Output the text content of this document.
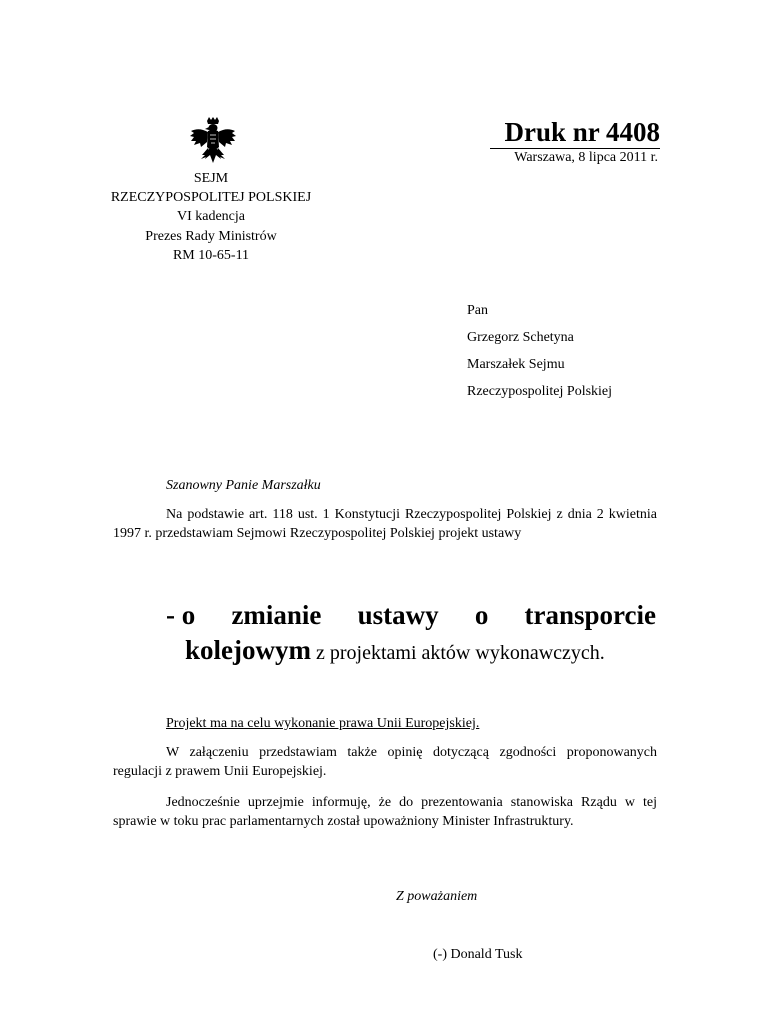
SEJM
RZECZYPOSPOLITEJ POLSKIEJ
VI kadencja
Prezes Rady Ministrów
RM 10-65-11
Druk nr 4408
Warszawa, 8 lipca 2011 r.
Pan
Grzegorz Schetyna
Marszałek Sejmu
Rzeczypospolitej Polskiej
Szanowny Panie Marszałku
Na podstawie art. 118 ust. 1 Konstytucji Rzeczypospolitej Polskiej z dnia 2 kwietnia 1997 r. przedstawiam Sejmowi Rzeczypospolitej Polskiej projekt ustawy
- o zmianie ustawy o transporcie
kolejowym z projektami aktów wykonawczych.
Projekt ma na celu wykonanie prawa Unii Europejskiej.
W załączeniu przedstawiam także opinię dotyczącą zgodności proponowanych regulacji z prawem Unii Europejskiej.
Jednocześnie uprzejmie informuję, że do prezentowania stanowiska Rządu w tej sprawie w toku prac parlamentarnych został upoważniony Minister Infrastruktury.
Z poważaniem
(-) Donald Tusk
